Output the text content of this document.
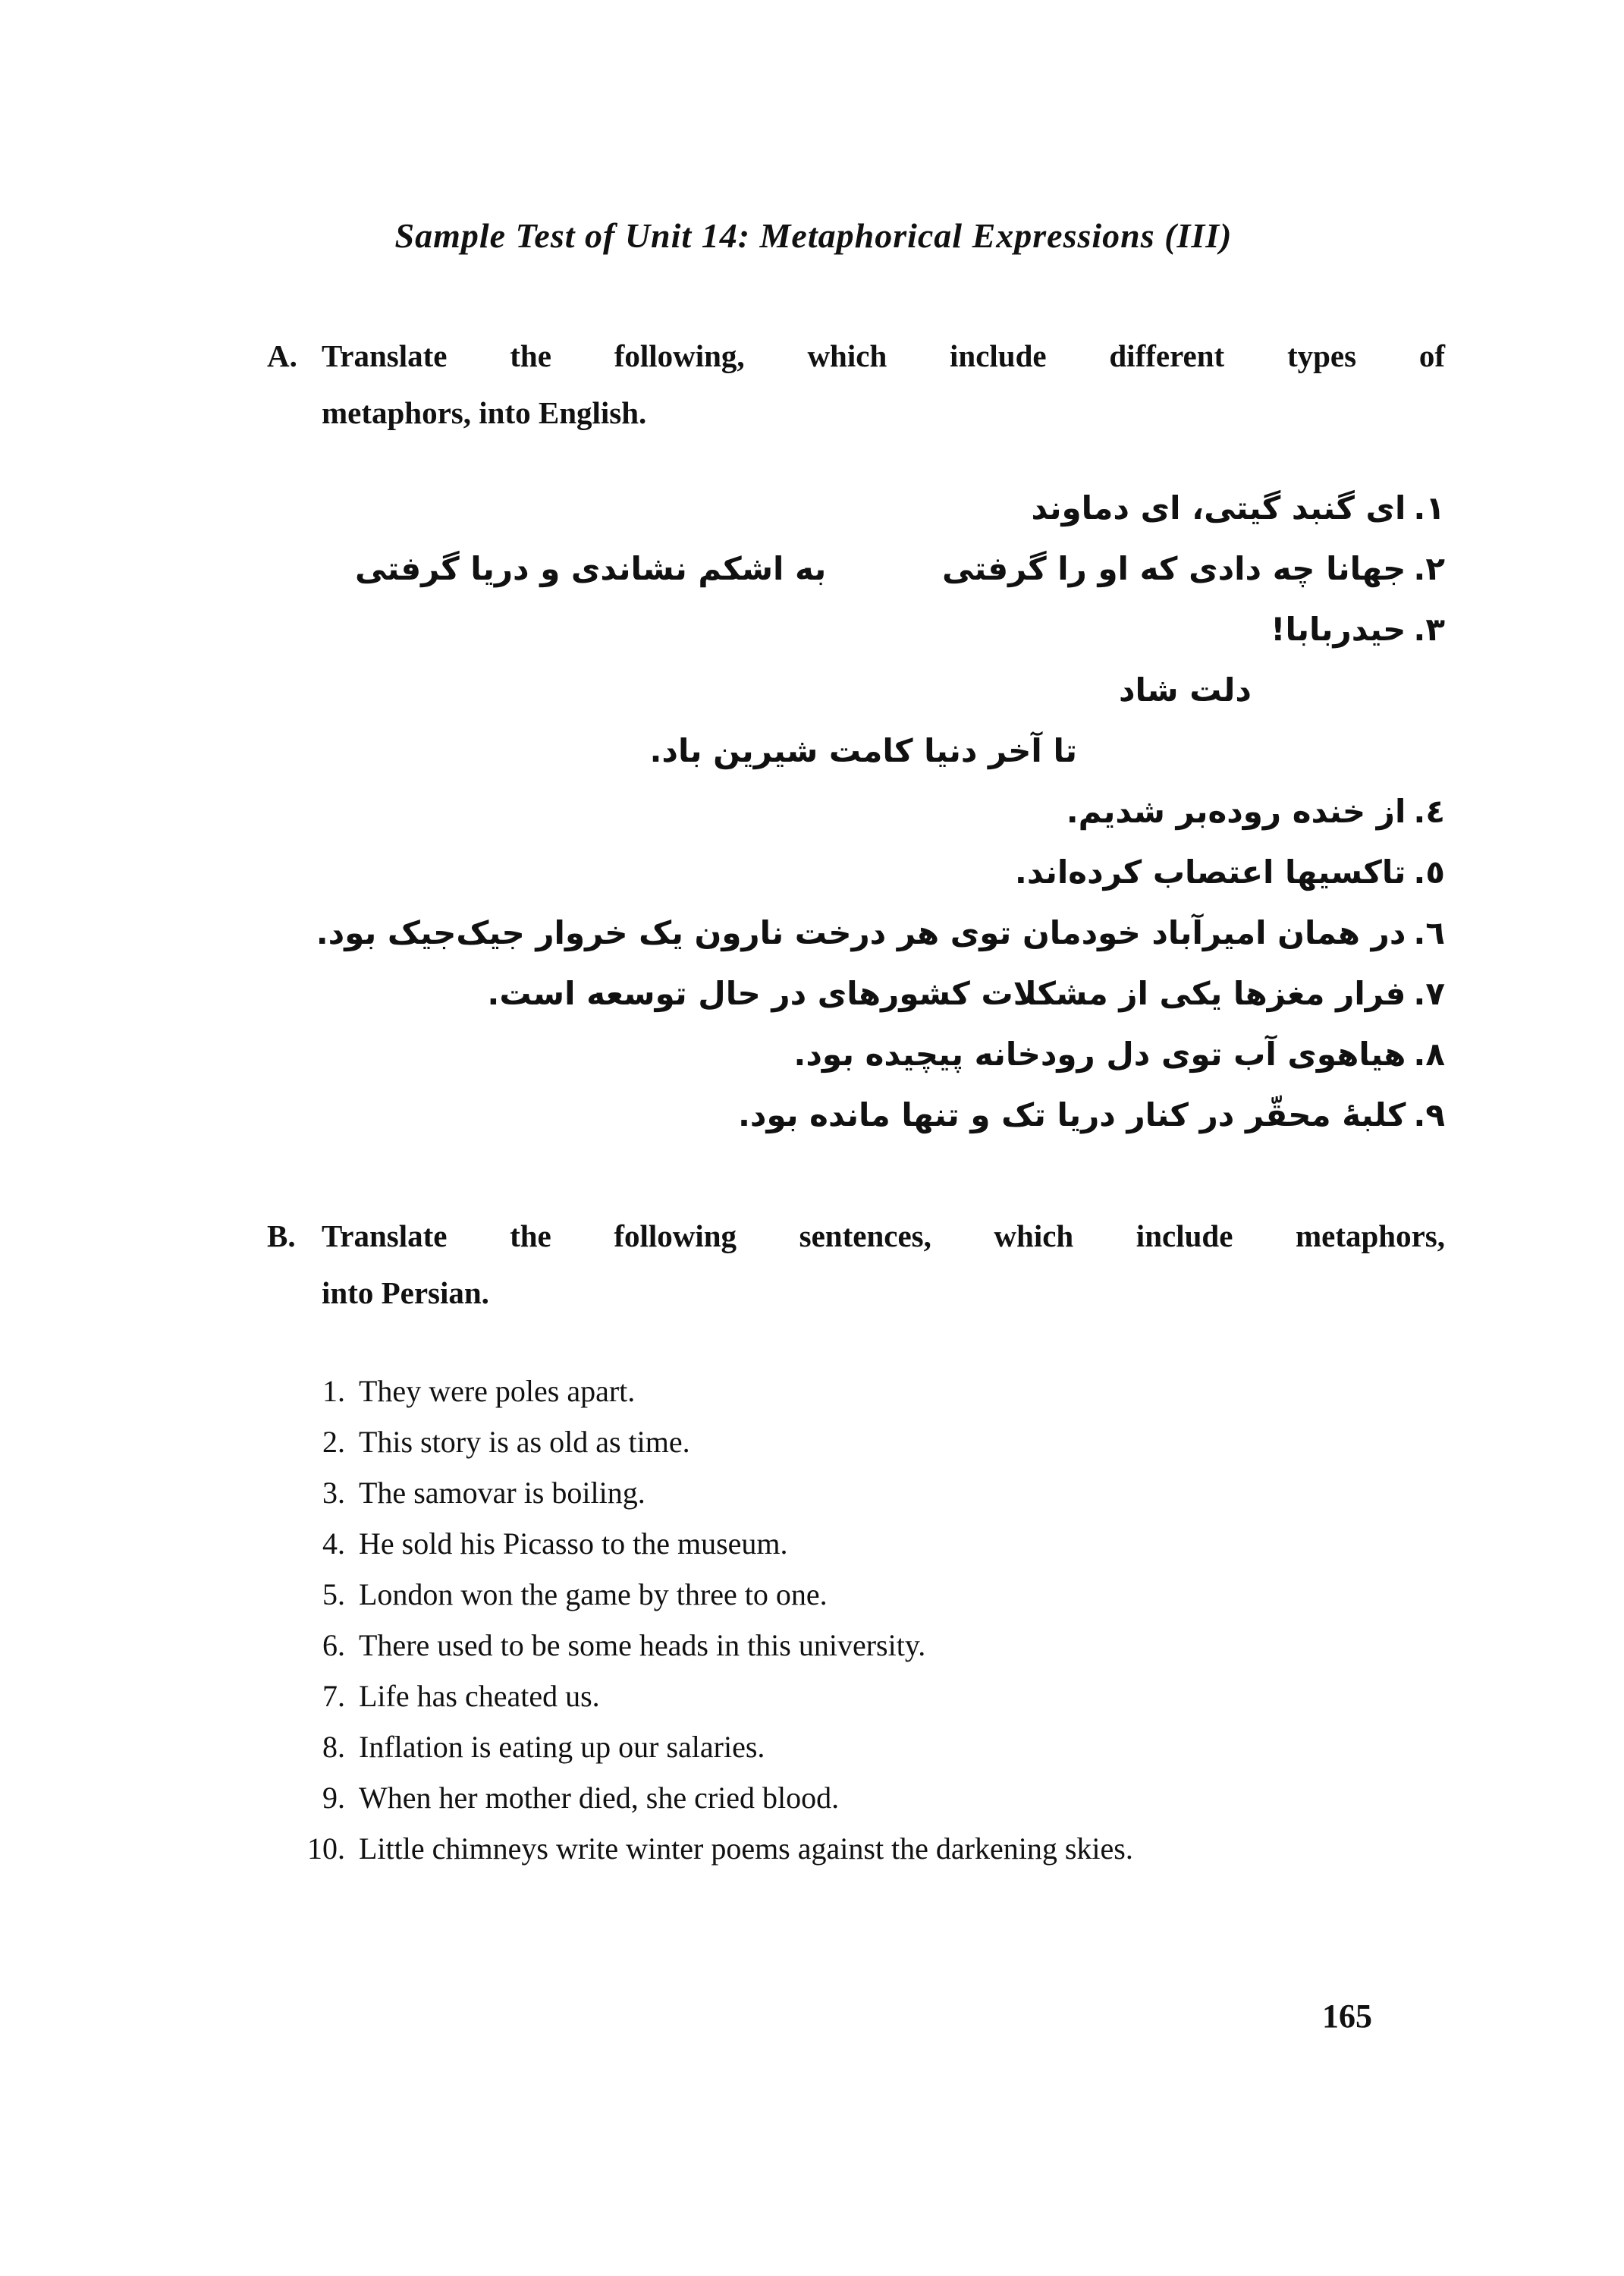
Sample Test of Unit 14: Metaphorical Expressions (III)
A. Translate the following, which include different types of
metaphors, into English.
١.ای گنبد گیتی، ای دماوند
٢.جهانا چه دادی که او را گرفتی
به اشکم نشاندی و دریا گرفتی
٣.حیدربابا!
دلت شاد
تا آخر دنیا کامت شیرین باد.
٤.از خنده روده‌بر شدیم.
٥.تاکسیها اعتصاب کرده‌اند.
٦.در همان امیرآباد خودمان توی هر درخت نارون یک خروار جیک‌جیک بود.
٧.فرار مغزها یکی از مشکلات کشورهای در حال توسعه است.
٨.هیاهوی آب توی دل رودخانه پیچیده بود.
٩.کلبهٔ محقّر در کنار دریا تک و تنها مانده بود.
B. Translate the following sentences, which include metaphors,
into Persian.
1. They were poles apart.
2. This story is as old as time.
3. The samovar is boiling.
4. He sold his Picasso to the museum.
5. London won the game by three to one.
6. There used to be some heads in this university.
7. Life has cheated us.
8. Inflation is eating up our salaries.
9. When her mother died, she cried blood.
10. Little chimneys write winter poems against the darkening skies.
165
